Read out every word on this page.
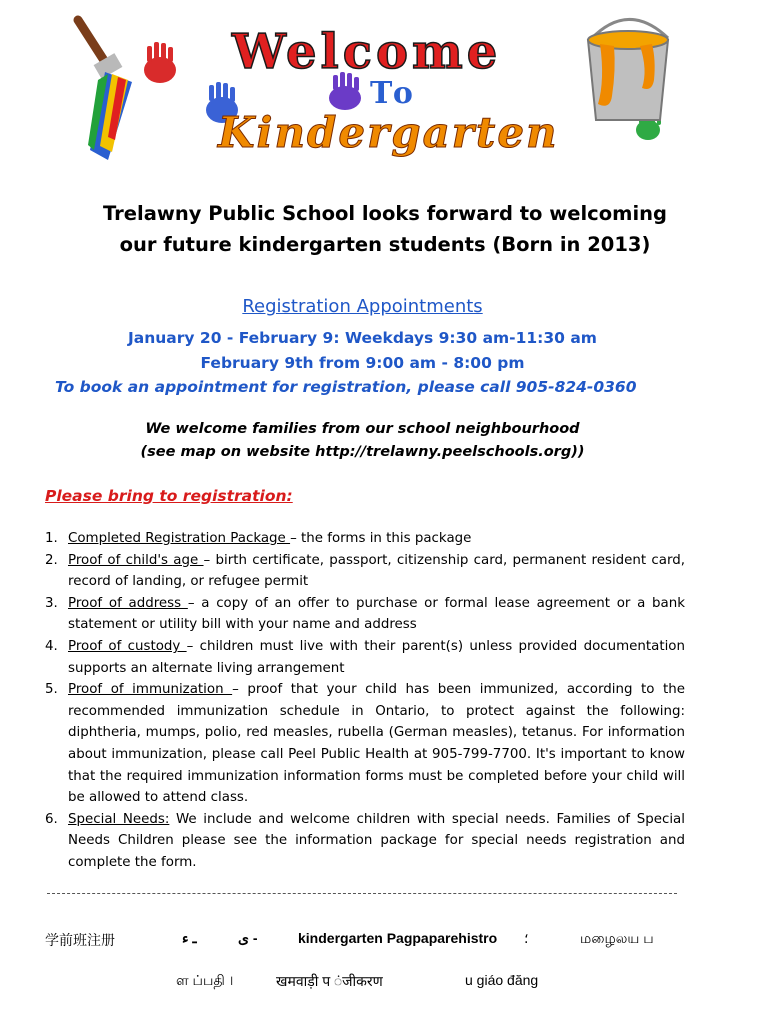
Welcome
To
Kindergarten
Trelawny Public School looks forward to welcoming
our future kindergarten students (Born in 2013)
Registration Appointments
January 20 - February 9: Weekdays 9:30 am-11:30 am
February 9th from 9:00 am - 8:00 pm
To book an appointment for registration, please call 905-824-0360
We welcome families from our school neighbourhood
(see map on website http://trelawny.peelschools.org))
Please bring to registration:
1. Completed Registration Package – the forms in this package
2. Proof of child's age – birth certificate, passport, citizenship card, permanent resident card, record of landing, or refugee permit
3. Proof of address – a copy of an offer to purchase or formal lease agreement or a bank statement or utility bill with your name and address
4. Proof of custody – children must live with their parent(s) unless provided documentation supports an alternate living arrangement
5. Proof of immunization – proof that your child has been immunized, according to the recommended immunization schedule in Ontario, to protect against the following: diphtheria, mumps, polio, red measles, rubella (German measles), tetanus. For information about immunization, please call Peel Public Health at 905-799-7700. It's important to know that the required immunization information forms must be completed before your child will be allowed to attend class.
6. Special Needs: We include and welcome children with special needs. Families of Special Needs Children please see the information package for special needs registration and complete the form.
学前班注册	ـ ء	ى -	kindergarten Pagpaparehistro ؛	மழைலய ப
ள ப்பதி ।	खमवाड़ी प ंजीकरण	u giáo đăng
